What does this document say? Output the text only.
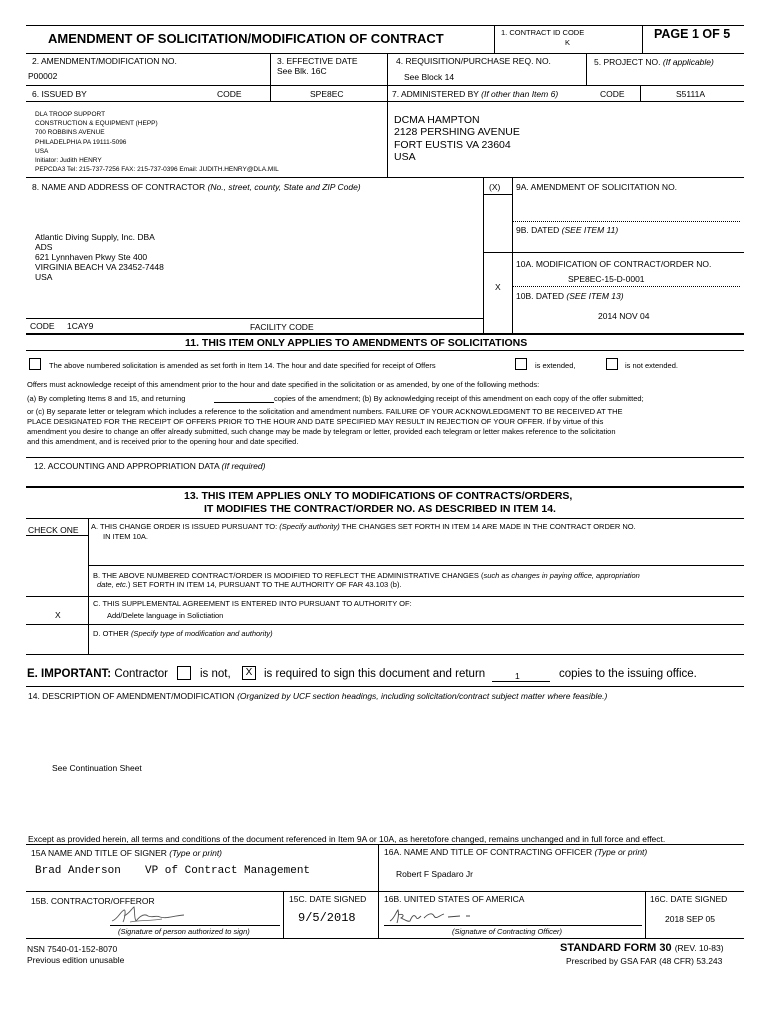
AMENDMENT OF SOLICITATION/MODIFICATION OF CONTRACT	1. CONTRACT ID CODE
K
PAGE 1 OF 5
2. AMENDMENT/MODIFICATION NO.
P00002
3. EFFECTIVE DATE
See Blk. 16C
4. REQUISITION/PURCHASE REQ. NO.
See Block 14
5. PROJECT NO. (If applicable)
6. ISSUED BY	CODE	SPE8EC	7. ADMINISTERED BY (If other than Item 6)	CODE	S5111A
DLA TROOP SUPPORT
CONSTRUCTION & EQUIPMENT (HEPP)
700 ROBBINS AVENUE
PHILADELPHIA PA 19111-5096
USA
Initiator: Judith HENRY
PEPCDA3 Tel: 215-737-7256 FAX: 215-737-0396 Email: JUDITH.HENRY@DLA.MIL
DCMA HAMPTON
2128 PERSHING AVENUE
FORT EUSTIS VA 23604
USA
8. NAME AND ADDRESS OF CONTRACTOR (No., street, county, State and ZIP Code)	(X) 9A. AMENDMENT OF SOLICITATION NO.
9B. DATED (SEE ITEM 11)
10A. MODIFICATION OF CONTRACT/ORDER NO.
SPE8EC-15-D-0001
X
10B. DATED (SEE ITEM 13)
2014 NOV 04
Atlantic Diving Supply, Inc. DBA
ADS
621 Lynnhaven Pkwy Ste 400
VIRGINIA BEACH VA 23452-7448
USA
CODE 1CAY9	FACILITY CODE
11. THIS ITEM ONLY APPLIES TO AMENDMENTS OF SOLICITATIONS
The above numbered solicitation is amended as set forth in Item 14. The hour and date specified for receipt of Offers	is extended,	is not extended.
Offers must acknowledge receipt of this amendment prior to the hour and date specified in the solicitation or as amended, by one of the following methods:
(a) By completing Items 8 and 15, and returning	copies of the amendment; (b) By acknowledging receipt of this amendment on each copy of the offer submitted;
or (c) By separate letter or telegram which includes a reference to the solicitation and amendment numbers. FAILURE OF YOUR ACKNOWLEDGMENT TO BE RECEIVED AT THE
PLACE DESIGNATED FOR THE RECEIPT OF OFFERS PRIOR TO THE HOUR AND DATE SPECIFIED MAY RESULT IN REJECTION OF YOUR OFFER. If by virtue of this
amendment you desire to change an offer already submitted, such change may be made by telegram or letter, provided each telegram or letter makes reference to the solicitation
and this amendment, and is received prior to the opening hour and date specified.
12. ACCOUNTING AND APPROPRIATION DATA (If required)
13. THIS ITEM APPLIES ONLY TO MODIFICATIONS OF CONTRACTS/ORDERS,
IT MODIFIES THE CONTRACT/ORDER NO. AS DESCRIBED IN ITEM 14.
CHECK ONE A. THIS CHANGE ORDER IS ISSUED PURSUANT TO: (Specify authority) THE CHANGES SET FORTH IN ITEM 14 ARE MADE IN THE CONTRACT ORDER NO.
IN ITEM 10A.
B. THE ABOVE NUMBERED CONTRACT/ORDER IS MODIFIED TO REFLECT THE ADMINISTRATIVE CHANGES (such as changes in paying office, appropriation
date, etc.) SET FORTH IN ITEM 14, PURSUANT TO THE AUTHORITY OF FAR 43.103 (b).
C. THIS SUPPLEMENTAL AGREEMENT IS ENTERED INTO PURSUANT TO AUTHORITY OF:
Add/Delete language in Solictiation
X
D. OTHER (Specify type of modification and authority)
E. IMPORTANT: Contractor	is not,	X	is required to sign this document and return	1	copies to the issuing office.
14. DESCRIPTION OF AMENDMENT/MODIFICATION (Organized by UCF section headings, including solicitation/contract subject matter where feasible.)
See Continuation Sheet
Except as provided herein, all terms and conditions of the document referenced in Item 9A or 10A, as heretofore changed, remains unchanged and in full force and effect.
15A NAME AND TITLE OF SIGNER (Type or print)	16A. NAME AND TITLE OF CONTRACTING OFFICER (Type or print)
Brad Anderson VP of Contract Management	Robert F Spadaro Jr
15B. CONTRACTOR/OFFEROR	15C. DATE SIGNED
9/5/2018
16B. UNITED STATES OF AMERICA	16C. DATE SIGNED
2018 SEP 05
(Signature of person authorized to sign)	(Signature of Contracting Officer)
NSN 7540-01-152-8070
Previous edition unusable
STANDARD FORM 30 (REV. 10-83)
Prescribed by GSA FAR (48 CFR) 53.243
